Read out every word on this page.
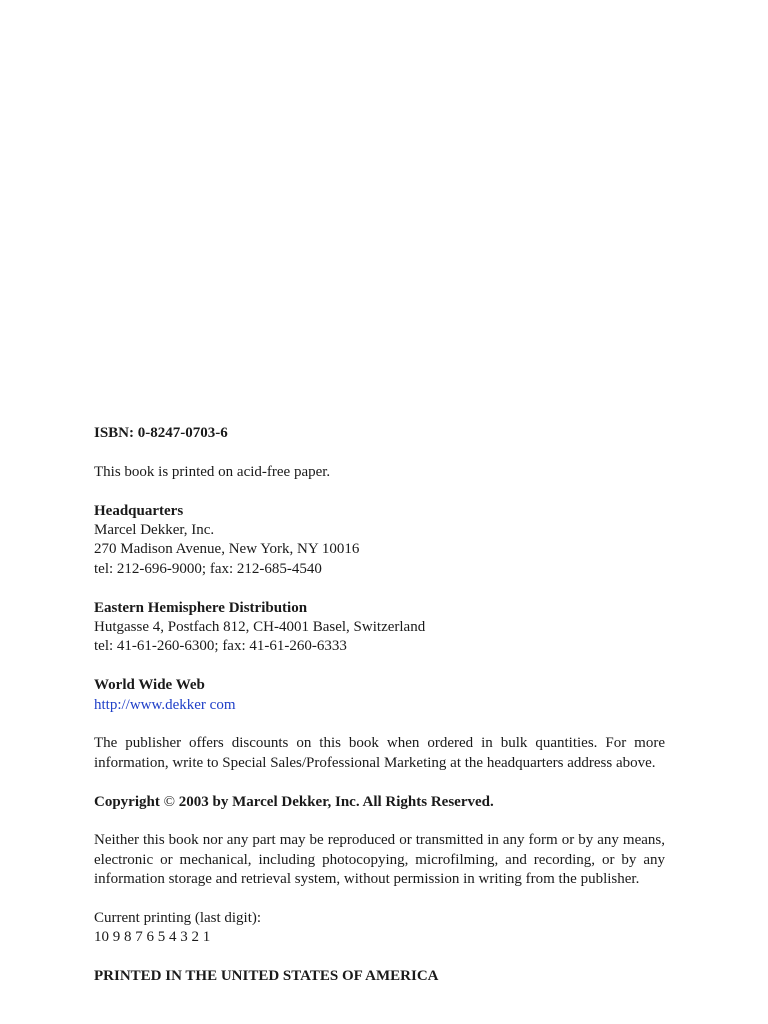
ISBN: 0-8247-0703-6
This book is printed on acid-free paper.
Headquarters
Marcel Dekker, Inc.
270 Madison Avenue, New York, NY 10016
tel: 212-696-9000; fax: 212-685-4540
Eastern Hemisphere Distribution
Hutgasse 4, Postfach 812, CH-4001 Basel, Switzerland
tel: 41-61-260-6300; fax: 41-61-260-6333
World Wide Web
http://www.dekker com
The publisher offers discounts on this book when ordered in bulk quantities. For more information, write to Special Sales/Professional Marketing at the headquarters address above.
Copyright © 2003 by Marcel Dekker, Inc. All Rights Reserved.
Neither this book nor any part may be reproduced or transmitted in any form or by any means, electronic or mechanical, including photocopying, microfilming, and recording, or by any information storage and retrieval system, without permission in writing from the publisher.
Current printing (last digit):
10 9 8 7 6 5 4 3 2 1
PRINTED IN THE UNITED STATES OF AMERICA
